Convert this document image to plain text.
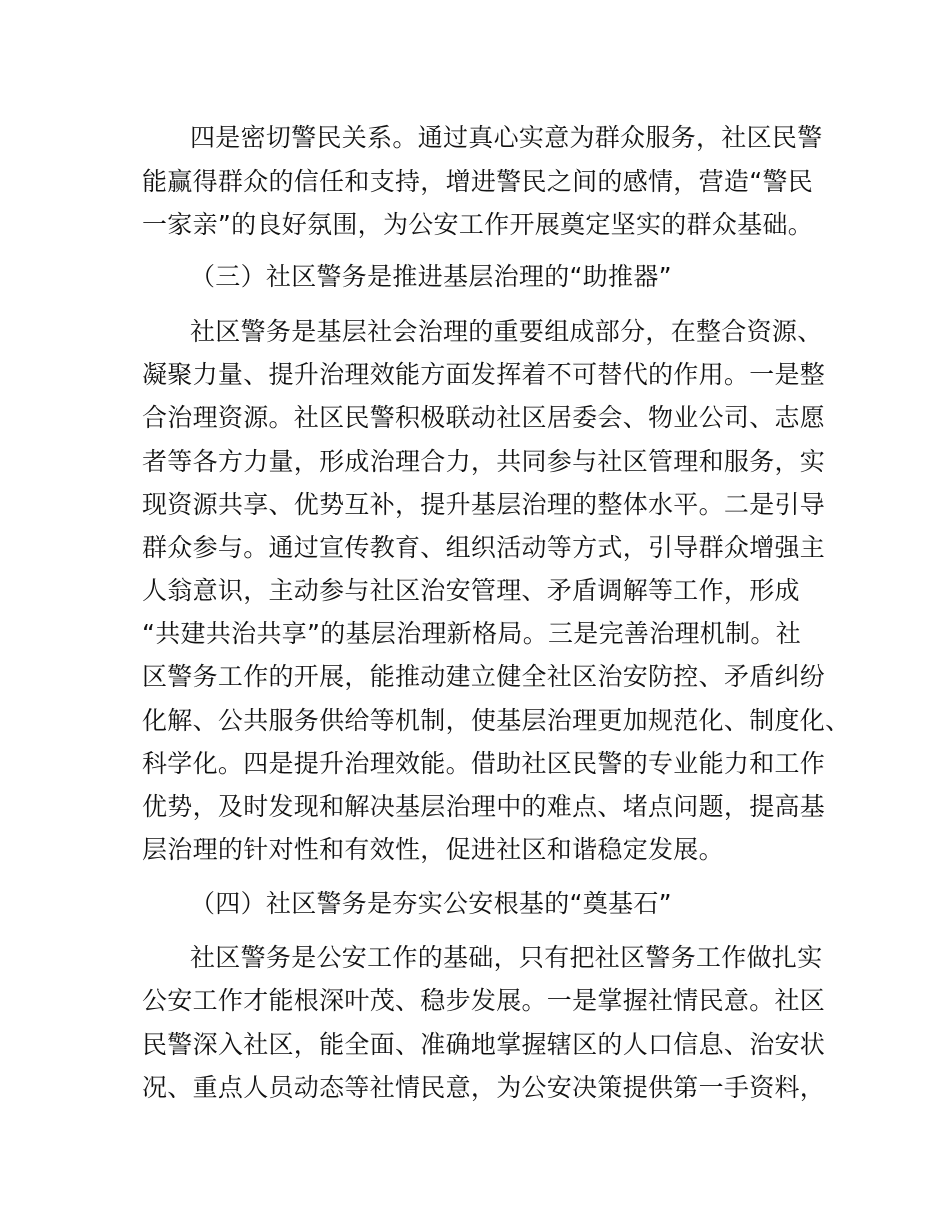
四是密切警民关系。通过真心实意为群众服务，社区民警
能赢得群众的信任和支持，增进警民之间的感情，营造“警民
一家亲”的良好氛围，为公安工作开展奠定坚实的群众基础。
（三）社区警务是推进基层治理的“助推器”
社区警务是基层社会治理的重要组成部分，在整合资源、
凝聚力量、提升治理效能方面发挥着不可替代的作用。一是整
合治理资源。社区民警积极联动社区居委会、物业公司、志愿
者等各方力量，形成治理合力，共同参与社区管理和服务，实
现资源共享、优势互补，提升基层治理的整体水平。二是引导
群众参与。通过宣传教育、组织活动等方式，引导群众增强主
人翁意识，主动参与社区治安管理、矛盾调解等工作，形成
“共建共治共享”的基层治理新格局。三是完善治理机制。社
区警务工作的开展，能推动建立健全社区治安防控、矛盾纠纷
化解、公共服务供给等机制，使基层治理更加规范化、制度化、
科学化。四是提升治理效能。借助社区民警的专业能力和工作
优势，及时发现和解决基层治理中的难点、堵点问题，提高基
层治理的针对性和有效性，促进社区和谐稳定发展。
（四）社区警务是夯实公安根基的“奠基石”
社区警务是公安工作的基础，只有把社区警务工作做扎实
公安工作才能根深叶茂、稳步发展。一是掌握社情民意。社区
民警深入社区，能全面、准确地掌握辖区的人口信息、治安状
况、重点人员动态等社情民意，为公安决策提供第一手资料，
